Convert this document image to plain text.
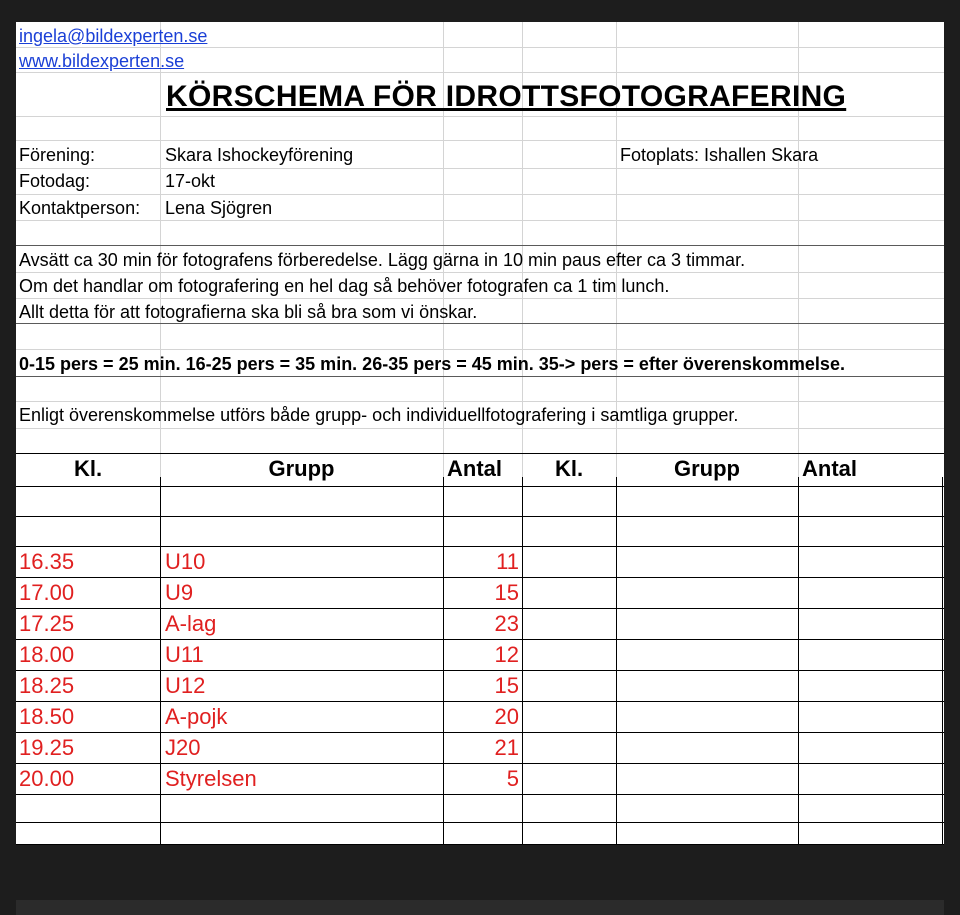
ingela@bildexperten.se
www.bildexperten.se
KÖRSCHEMA FÖR IDROTTSFOTOGRAFERING
Förening:	Skara Ishockeyförening	Fotoplats: Ishallen Skara
Fotodag:	17-okt
Kontaktperson: Lena Sjögren
Avsätt ca 30 min för fotografens förberedelse. Lägg gärna in 10 min paus efter ca 3 timmar.
Om det handlar om fotografering en hel dag så behöver fotografen ca 1 tim lunch.
Allt detta för att fotografierna ska bli så bra som vi önskar.
0-15 pers = 25 min. 16-25 pers = 35 min. 26-35 pers = 45 min. 35-> pers = efter överenskommelse.
Enligt överenskommelse utförs både grupp- och individuellfotografering i samtliga grupper.
Kl.	Grupp	Antal	Kl.	Grupp	Antal
16.35	U10	11
17.00	U9	15
17.25	A-lag	23
18.00	U11	12
18.25	U12	15
18.50	A-pojk	20
19.25	J20	21
20.00	Styrelsen	5
